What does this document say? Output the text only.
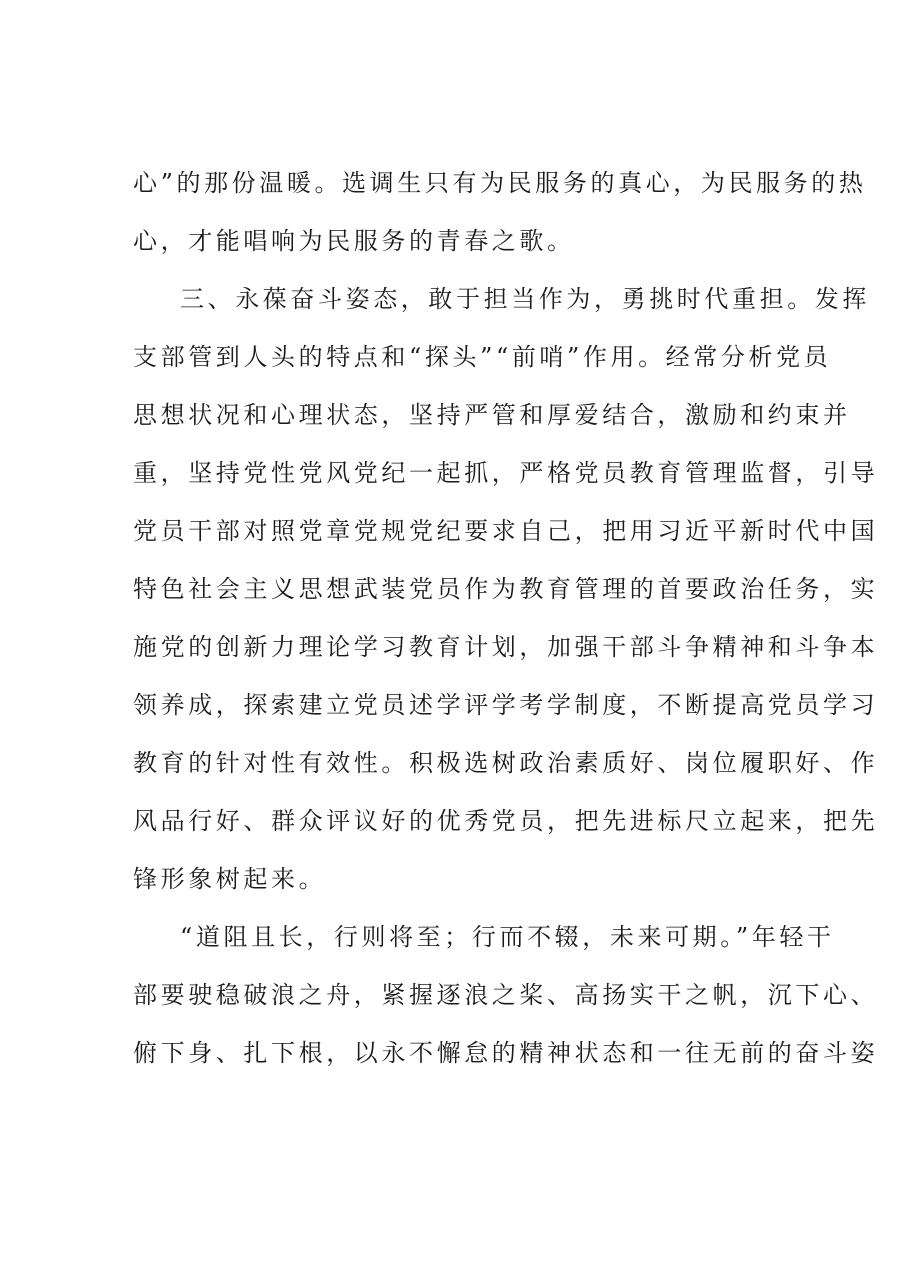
心”的那份温暖。选调生只有为民服务的真心，为民服务的热
心，才能唱响为民服务的青春之歌。
三、永葆奋斗姿态，敢于担当作为，勇挑时代重担。发挥
支部管到人头的特点和“探头”“前哨”作用。经常分析党员
思想状况和心理状态，坚持严管和厚爱结合，激励和约束并
重，坚持党性党风党纪一起抓，严格党员教育管理监督，引导
党员干部对照党章党规党纪要求自己，把用习近平新时代中国
特色社会主义思想武装党员作为教育管理的首要政治任务，实
施党的创新力理论学习教育计划，加强干部斗争精神和斗争本
领养成，探索建立党员述学评学考学制度，不断提高党员学习
教育的针对性有效性。积极选树政治素质好、岗位履职好、作
风品行好、群众评议好的优秀党员，把先进标尺立起来，把先
锋形象树起来。
“道阻且长，行则将至；行而不辍，未来可期。”年轻干
部要驶稳破浪之舟，紧握逐浪之桨、高扬实干之帆，沉下心、
俯下身、扎下根，以永不懈怠的精神状态和一往无前的奋斗姿
